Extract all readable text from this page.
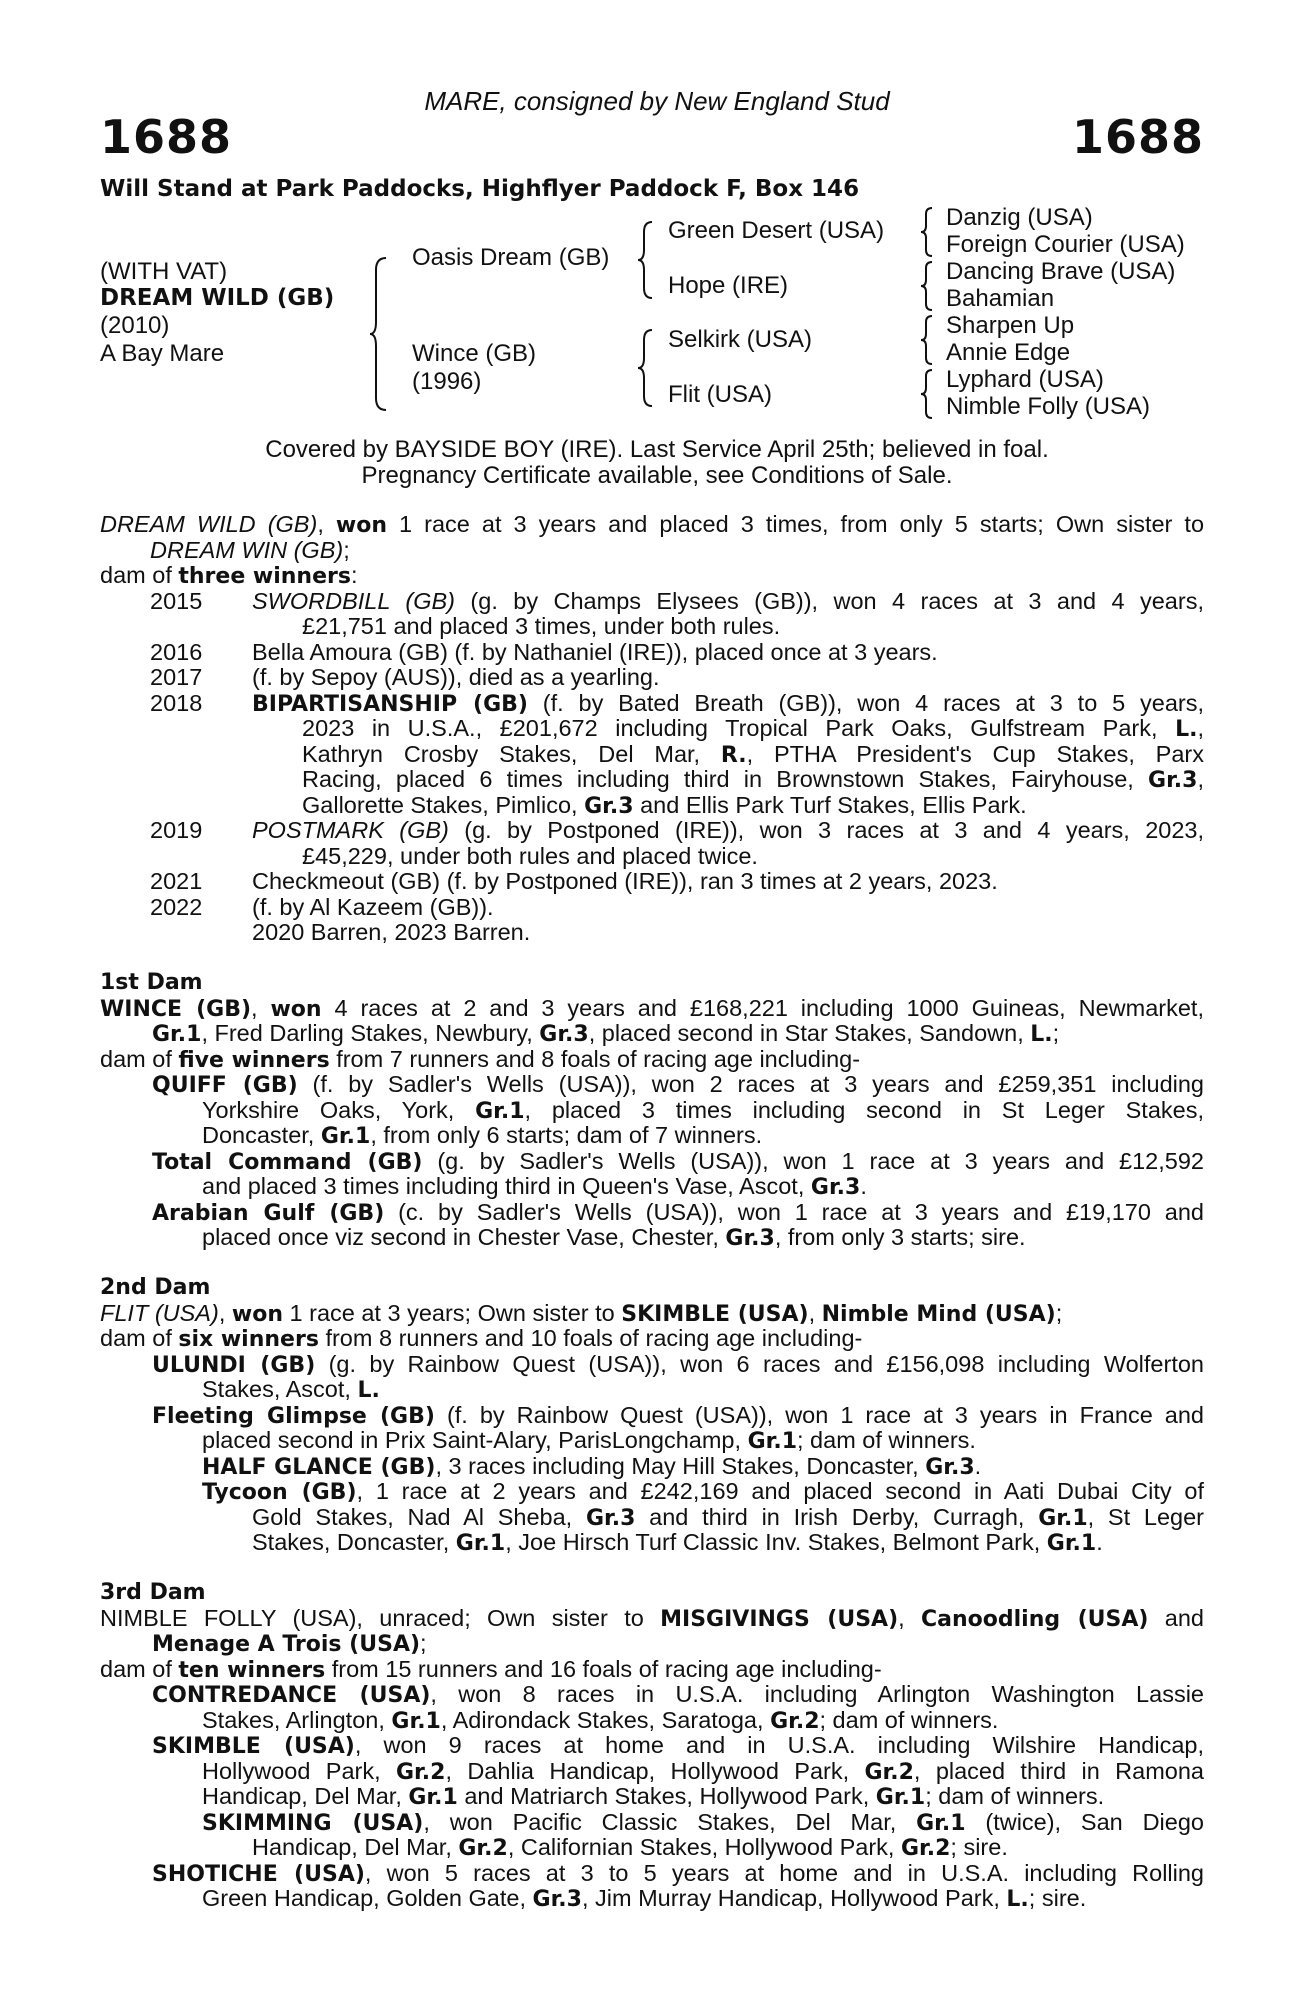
MARE, consigned by New England Stud
1688	1688
Will Stand at Park Paddocks, Highflyer Paddock F, Box 146
(WITH VAT)
DREAM WILD (GB)
(2010)
A Bay Mare
Oasis Dream (GB)
Wince (GB)
(1996)
Green Desert (USA)
Hope (IRE)
Selkirk (USA)
Flit (USA)
Danzig (USA)
Foreign Courier (USA)
Dancing Brave (USA)
Bahamian
Sharpen Up
Annie Edge
Lyphard (USA)
Nimble Folly (USA)
Covered by BAYSIDE BOY (IRE). Last Service April 25th; believed in foal.
Pregnancy Certificate available, see Conditions of Sale.
DREAM WILD (GB), won 1 race at 3 years and placed 3 times, from only 5 starts; Own sister to
DREAM WIN (GB);
dam of three winners:
2015 SWORDBILL (GB) (g. by Champs Elysees (GB)), won 4 races at 3 and 4 years,
£21,751 and placed 3 times, under both rules.
2016 Bella Amoura (GB) (f. by Nathaniel (IRE)), placed once at 3 years.
2017 (f. by Sepoy (AUS)), died as a yearling.
2018 BIPARTISANSHIP (GB) (f. by Bated Breath (GB)), won 4 races at 3 to 5 years,
2023 in U.S.A., £201,672 including Tropical Park Oaks, Gulfstream Park, L.,
Kathryn Crosby Stakes, Del Mar, R., PTHA President's Cup Stakes, Parx
Racing, placed 6 times including third in Brownstown Stakes, Fairyhouse, Gr.3,
Gallorette Stakes, Pimlico, Gr.3 and Ellis Park Turf Stakes, Ellis Park.
2019 POSTMARK (GB) (g. by Postponed (IRE)), won 3 races at 3 and 4 years, 2023,
£45,229, under both rules and placed twice.
2021 Checkmeout (GB) (f. by Postponed (IRE)), ran 3 times at 2 years, 2023.
2022 (f. by Al Kazeem (GB)).
2020 Barren, 2023 Barren.
1st Dam
WINCE (GB), won 4 races at 2 and 3 years and £168,221 including 1000 Guineas, Newmarket,
Gr.1, Fred Darling Stakes, Newbury, Gr.3, placed second in Star Stakes, Sandown, L.;
dam of five winners from 7 runners and 8 foals of racing age including-
QUIFF (GB) (f. by Sadler's Wells (USA)), won 2 races at 3 years and £259,351 including
Yorkshire Oaks, York, Gr.1, placed 3 times including second in St Leger Stakes,
Doncaster, Gr.1, from only 6 starts; dam of 7 winners.
Total Command (GB) (g. by Sadler's Wells (USA)), won 1 race at 3 years and £12,592
and placed 3 times including third in Queen's Vase, Ascot, Gr.3.
Arabian Gulf (GB) (c. by Sadler's Wells (USA)), won 1 race at 3 years and £19,170 and
placed once viz second in Chester Vase, Chester, Gr.3, from only 3 starts; sire.
2nd Dam
FLIT (USA), won 1 race at 3 years; Own sister to SKIMBLE (USA), Nimble Mind (USA);
dam of six winners from 8 runners and 10 foals of racing age including-
ULUNDI (GB) (g. by Rainbow Quest (USA)), won 6 races and £156,098 including Wolferton
Stakes, Ascot, L.
Fleeting Glimpse (GB) (f. by Rainbow Quest (USA)), won 1 race at 3 years in France and
placed second in Prix Saint-Alary, ParisLongchamp, Gr.1; dam of winners.
HALF GLANCE (GB), 3 races including May Hill Stakes, Doncaster, Gr.3.
Tycoon (GB), 1 race at 2 years and £242,169 and placed second in Aati Dubai City of
Gold Stakes, Nad Al Sheba, Gr.3 and third in Irish Derby, Curragh, Gr.1, St Leger
Stakes, Doncaster, Gr.1, Joe Hirsch Turf Classic Inv. Stakes, Belmont Park, Gr.1.
3rd Dam
NIMBLE FOLLY (USA), unraced; Own sister to MISGIVINGS (USA), Canoodling (USA) and
Menage A Trois (USA);
dam of ten winners from 15 runners and 16 foals of racing age including-
CONTREDANCE (USA), won 8 races in U.S.A. including Arlington Washington Lassie
Stakes, Arlington, Gr.1, Adirondack Stakes, Saratoga, Gr.2; dam of winners.
SKIMBLE (USA), won 9 races at home and in U.S.A. including Wilshire Handicap,
Hollywood Park, Gr.2, Dahlia Handicap, Hollywood Park, Gr.2, placed third in Ramona
Handicap, Del Mar, Gr.1 and Matriarch Stakes, Hollywood Park, Gr.1; dam of winners.
SKIMMING (USA), won Pacific Classic Stakes, Del Mar, Gr.1 (twice), San Diego
Handicap, Del Mar, Gr.2, Californian Stakes, Hollywood Park, Gr.2; sire.
SHOTICHE (USA), won 5 races at 3 to 5 years at home and in U.S.A. including Rolling
Green Handicap, Golden Gate, Gr.3, Jim Murray Handicap, Hollywood Park, L.; sire.
